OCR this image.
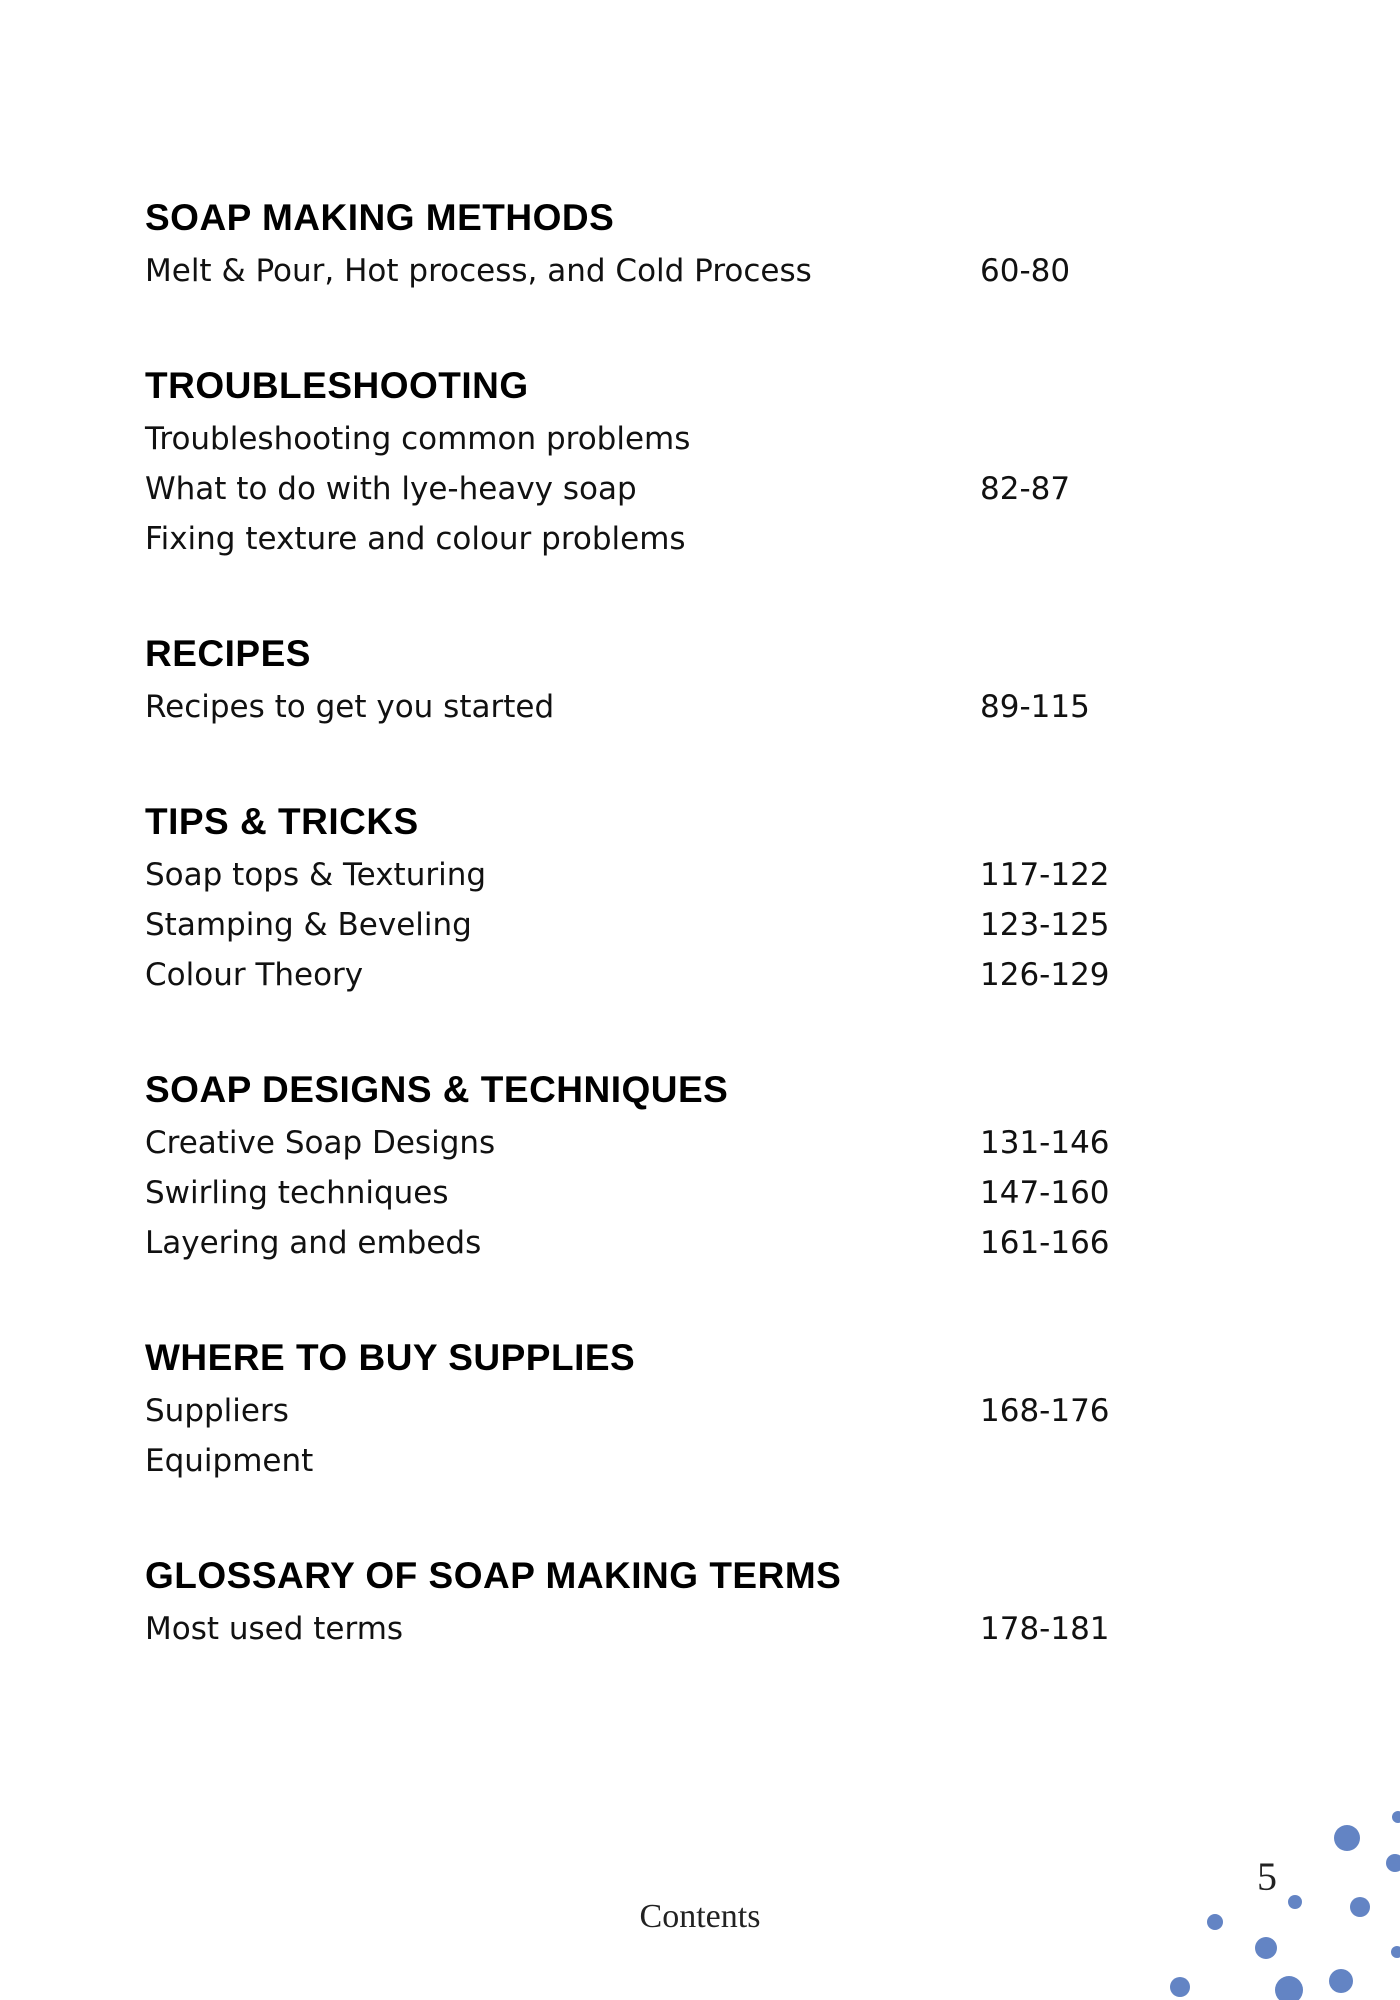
SOAP MAKING METHODS
Melt & Pour, Hot process, and Cold Process	60-80
TROUBLESHOOTING
Troubleshooting common problems
What to do with lye-heavy soap	82-87
Fixing texture and colour problems
RECIPES
Recipes to get you started	89-115
TIPS & TRICKS
Soap tops & Texturing	117-122
Stamping & Beveling	123-125
Colour Theory	126-129
SOAP DESIGNS & TECHNIQUES
Creative Soap Designs	131-146
Swirling techniques	147-160
Layering and embeds	161-166
WHERE TO BUY SUPPLIES
Suppliers	168-176
Equipment
GLOSSARY OF SOAP MAKING TERMS
Most used terms	178-181
5
Contents
